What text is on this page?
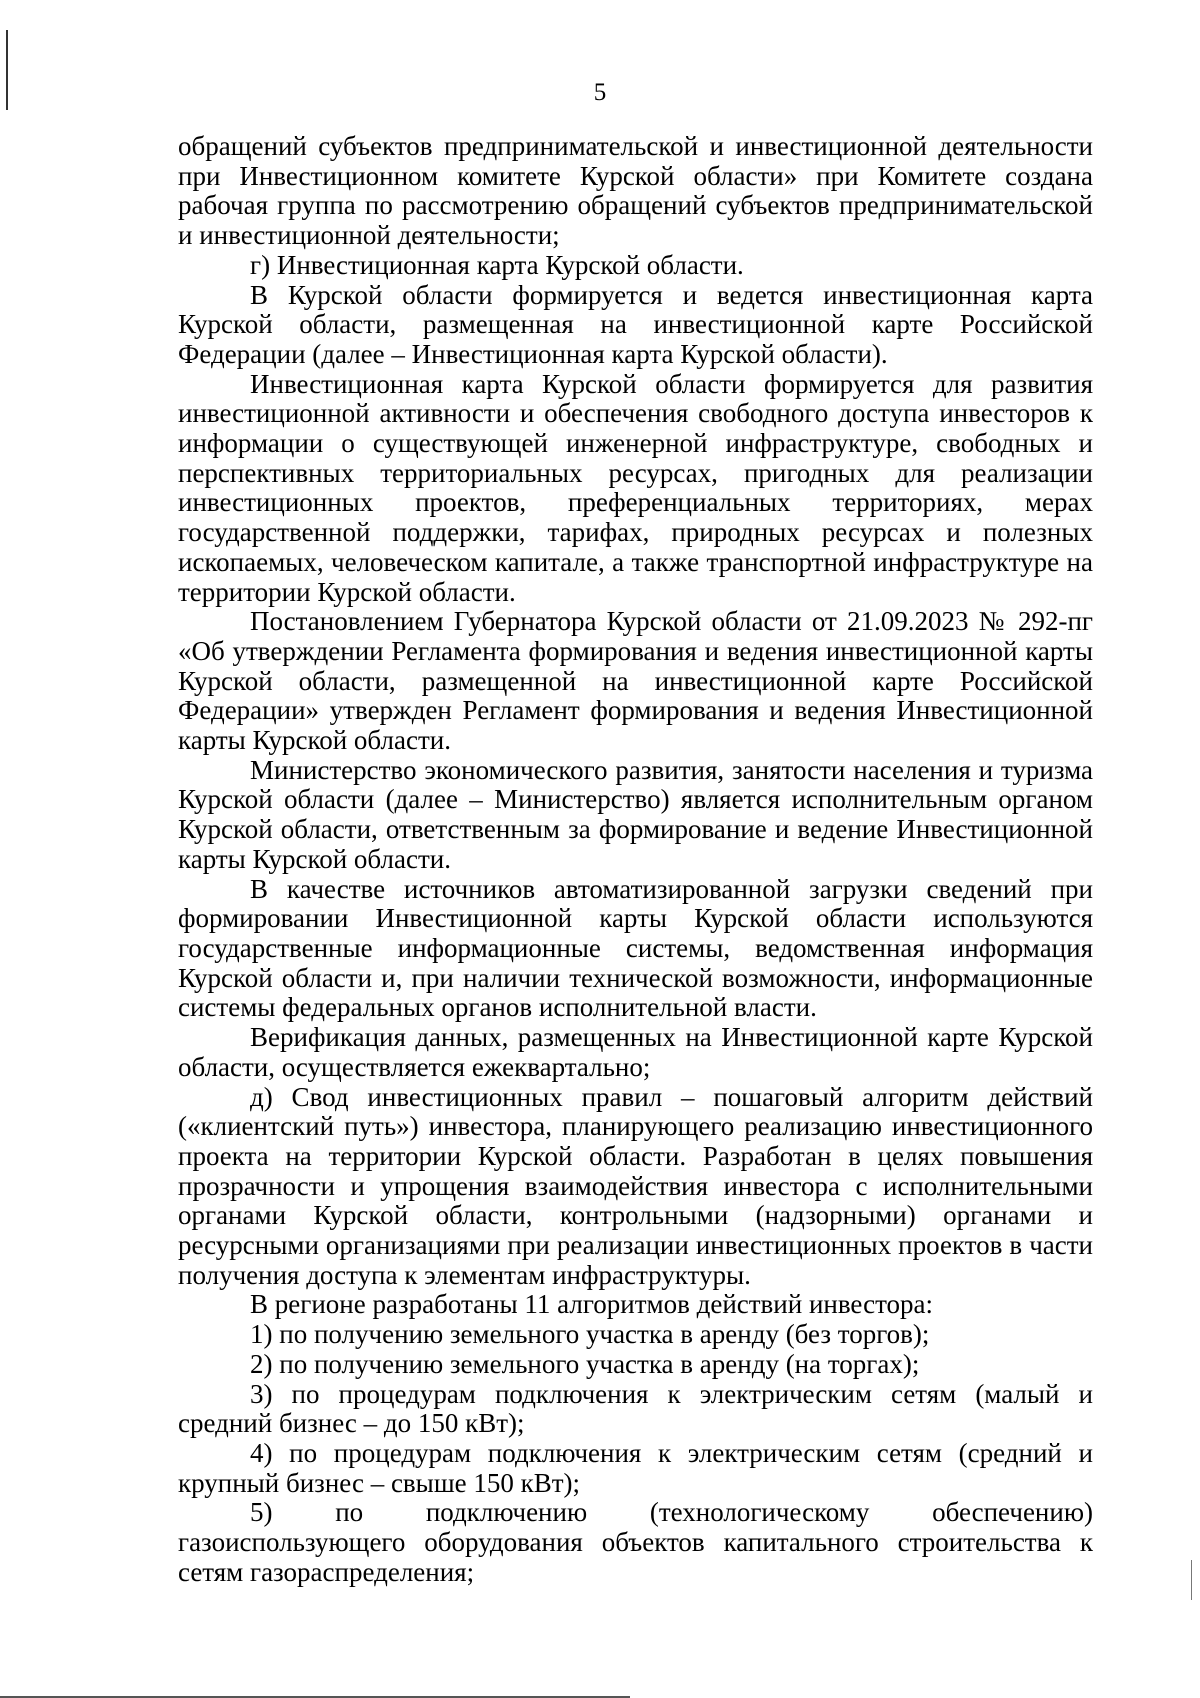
5

обращений субъектов предпринимательской и инвестиционной деятельности при Инвестиционном комитете Курской области» при Комитете создана рабочая группа по рассмотрению обращений субъектов предпринимательской и инвестиционной деятельности;

г) Инвестиционная карта Курской области.

В Курской области формируется и ведется инвестиционная карта Курской области, размещенная на инвестиционной карте Российской Федерации (далее – Инвестиционная карта Курской области).

Инвестиционная карта Курской области формируется для развития инвестиционной активности и обеспечения свободного доступа инвесторов к информации о существующей инженерной инфраструктуре, свободных и перспективных территориальных ресурсах, пригодных для реализации инвестиционных проектов, преференциальных территориях, мерах государственной поддержки, тарифах, природных ресурсах и полезных ископаемых, человеческом капитале, а также транспортной инфраструктуре на территории Курской области.

Постановлением Губернатора Курской области от 21.09.2023 № 292-пг «Об утверждении Регламента формирования и ведения инвестиционной карты Курской области, размещенной на инвестиционной карте Российской Федерации» утвержден Регламент формирования и ведения Инвестиционной карты Курской области.

Министерство экономического развития, занятости населения и туризма Курской области (далее – Министерство) является исполнительным органом Курской области, ответственным за формирование и ведение Инвестиционной карты Курской области.

В качестве источников автоматизированной загрузки сведений при формировании Инвестиционной карты Курской области используются государственные информационные системы, ведомственная информация Курской области и, при наличии технической возможности, информационные системы федеральных органов исполнительной власти.

Верификация данных, размещенных на Инвестиционной карте Курской области, осуществляется ежеквартально;

д) Свод инвестиционных правил – пошаговый алгоритм действий («клиентский путь») инвестора, планирующего реализацию инвестиционного проекта на территории Курской области. Разработан в целях повышения прозрачности и упрощения взаимодействия инвестора с исполнительными органами Курской области, контрольными (надзорными) органами и ресурсными организациями при реализации инвестиционных проектов в части получения доступа к элементам инфраструктуры.

В регионе разработаны 11 алгоритмов действий инвестора:

1) по получению земельного участка в аренду (без торгов);

2) по получению земельного участка в аренду (на торгах);

3) по процедурам подключения к электрическим сетям (малый и средний бизнес – до 150 кВт);

4) по процедурам подключения к электрическим сетям (средний и крупный бизнес – свыше 150 кВт);

5) по подключению (технологическому обеспечению) газоиспользующего оборудования объектов капитального строительства к сетям газораспределения;
